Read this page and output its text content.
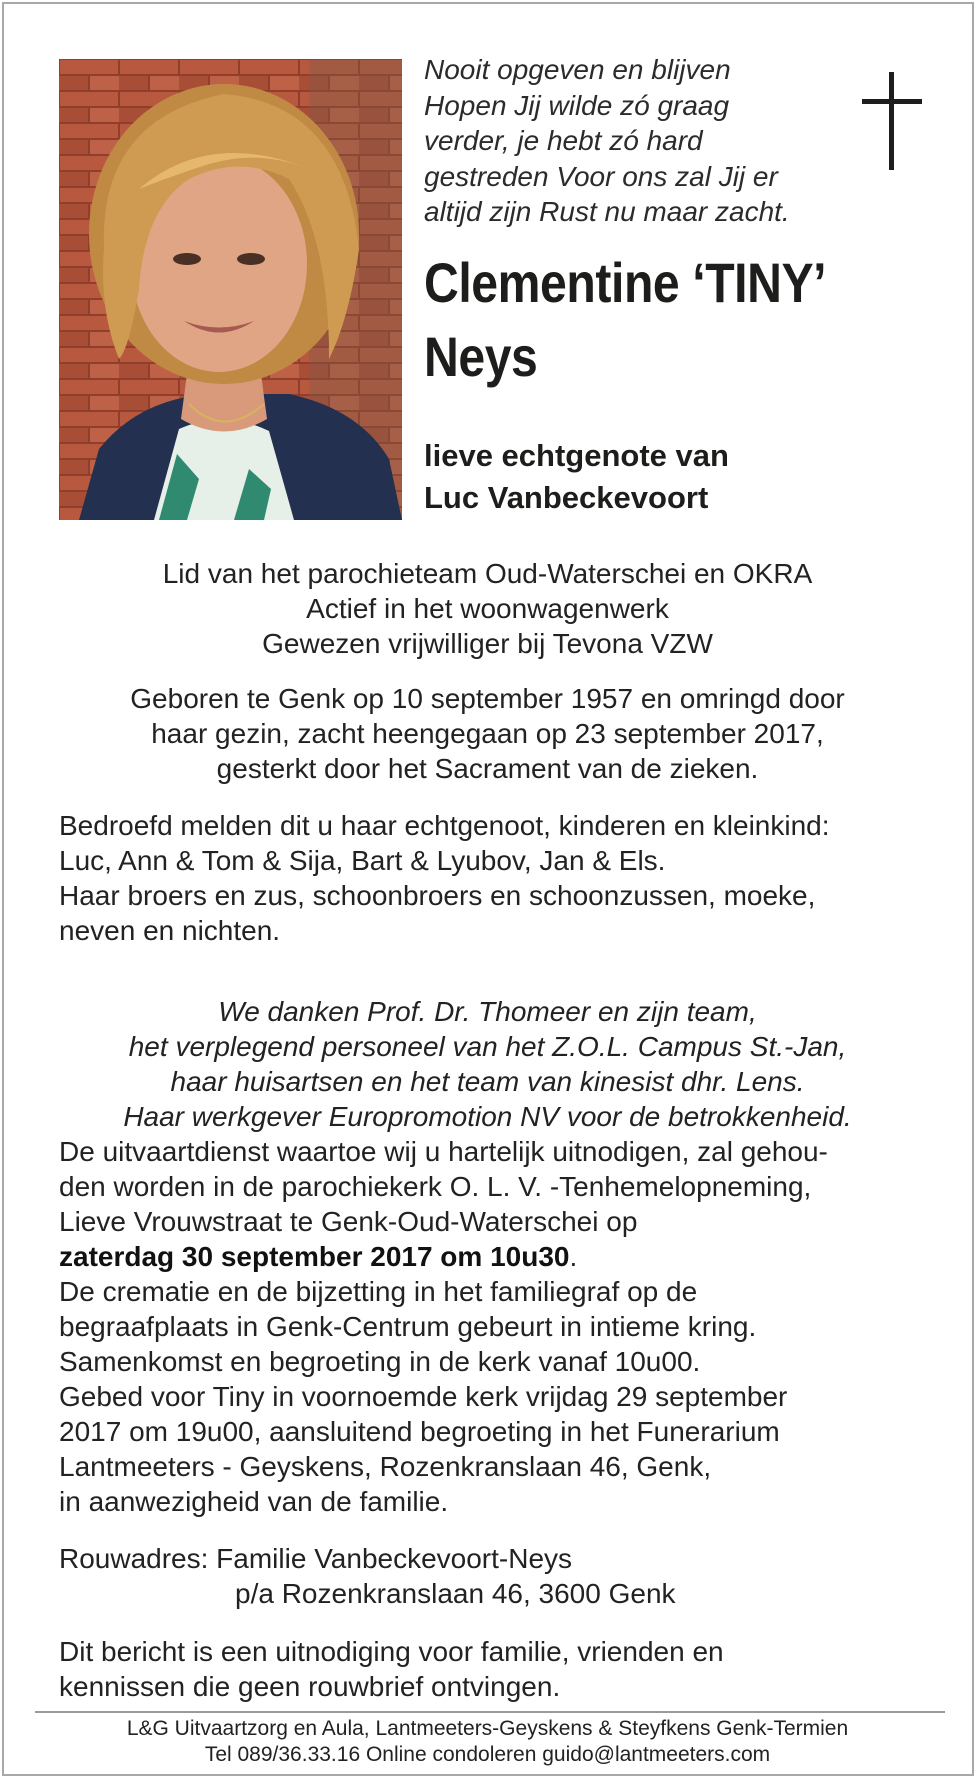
Nooit opgeven en blijven
Hopen Jij wilde zó graag
verder, je hebt zó hard
gestreden Voor ons zal Jij er
altijd zijn Rust nu maar zacht.
Clementine ‘TINY’
Neys
lieve echtgenote van
Luc Vanbeckevoort
Lid van het parochieteam Oud-Waterschei en OKRA
Actief in het woonwagenwerk
Gewezen vrijwilliger bij Tevona VZW
Geboren te Genk op 10 september 1957 en omringd door
haar gezin, zacht heengegaan op 23 september 2017,
gesterkt door het Sacrament van de zieken.
Bedroefd melden dit u haar echtgenoot, kinderen en kleinkind:
Luc, Ann & Tom & Sija, Bart & Lyubov, Jan & Els.
Haar broers en zus, schoonbroers en schoonzussen, moeke,
neven en nichten.
We danken Prof. Dr. Thomeer en zijn team,
het verplegend personeel van het Z.O.L. Campus St.-Jan,
haar huisartsen en het team van kinesist dhr. Lens.
Haar werkgever Europromotion NV voor de betrokkenheid.
De uitvaartdienst waartoe wij u hartelijk uitnodigen, zal gehou-
den worden in de parochiekerk O. L. V. -Tenhemelopneming,
Lieve Vrouwstraat te Genk-Oud-Waterschei op
zaterdag 30 september 2017 om 10u30.
De crematie en de bijzetting in het familiegraf op de
begraafplaats in Genk-Centrum gebeurt in intieme kring.
Samenkomst en begroeting in de kerk vanaf 10u00.
Gebed voor Tiny in voornoemde kerk vrijdag 29 september
2017 om 19u00, aansluitend begroeting in het Funerarium
Lantmeeters - Geyskens, Rozenkranslaan 46, Genk,
in aanwezigheid van de familie.
Rouwadres: Familie Vanbeckevoort-Neys
p/a Rozenkranslaan 46, 3600 Genk
Dit bericht is een uitnodiging voor familie, vrienden en
kennissen die geen rouwbrief ontvingen.
L&G Uitvaartzorg en Aula, Lantmeeters-Geyskens & Steyfkens Genk-Termien
Tel 089/36.33.16 Online condoleren guido@lantmeeters.com
